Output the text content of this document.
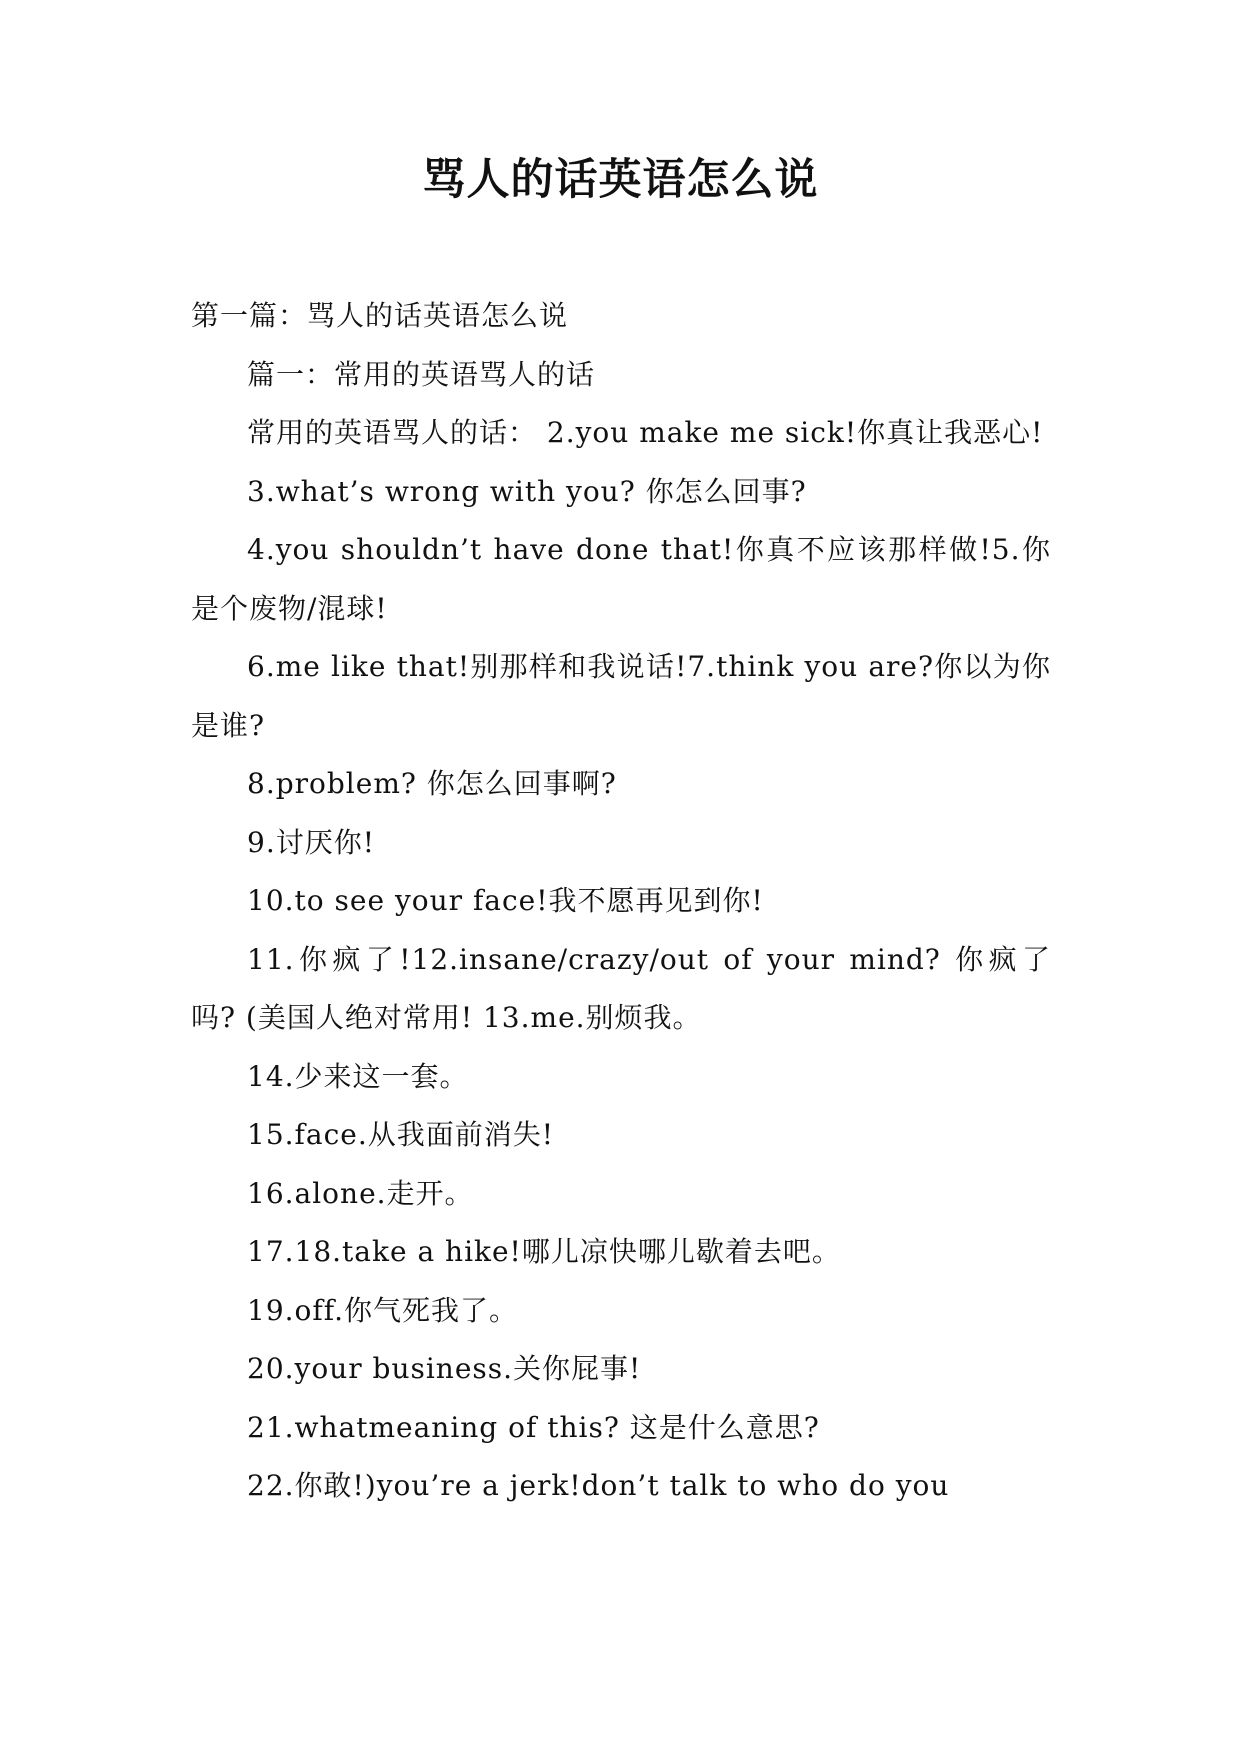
骂人的话英语怎么说

第一篇：骂人的话英语怎么说

篇一：常用的英语骂人的话

常用的英语骂人的话： 2.you make me sick!你真让我恶心!

3.what’s wrong with you? 你怎么回事?

4.you shouldn’t have done that!你真不应该那样做!5.你是个废物/混球!

6.me like that!别那样和我说话!7.think you are?你以为你是谁?

8.problem? 你怎么回事啊?

9.讨厌你!

10.to see your face!我不愿再见到你!

11.你疯了!12.insane/crazy/out of your mind? 你疯了吗? (美国人绝对常用! 13.me.别烦我。

14.少来这一套。

15.face.从我面前消失!

16.alone.走开。

17.18.take a hike!哪儿凉快哪儿歇着去吧。

19.off.你气死我了。

20.your business.关你屁事!

21.whatmeaning of this? 这是什么意思?

22.你敢!)you’re a jerk!don’t talk to who do you
